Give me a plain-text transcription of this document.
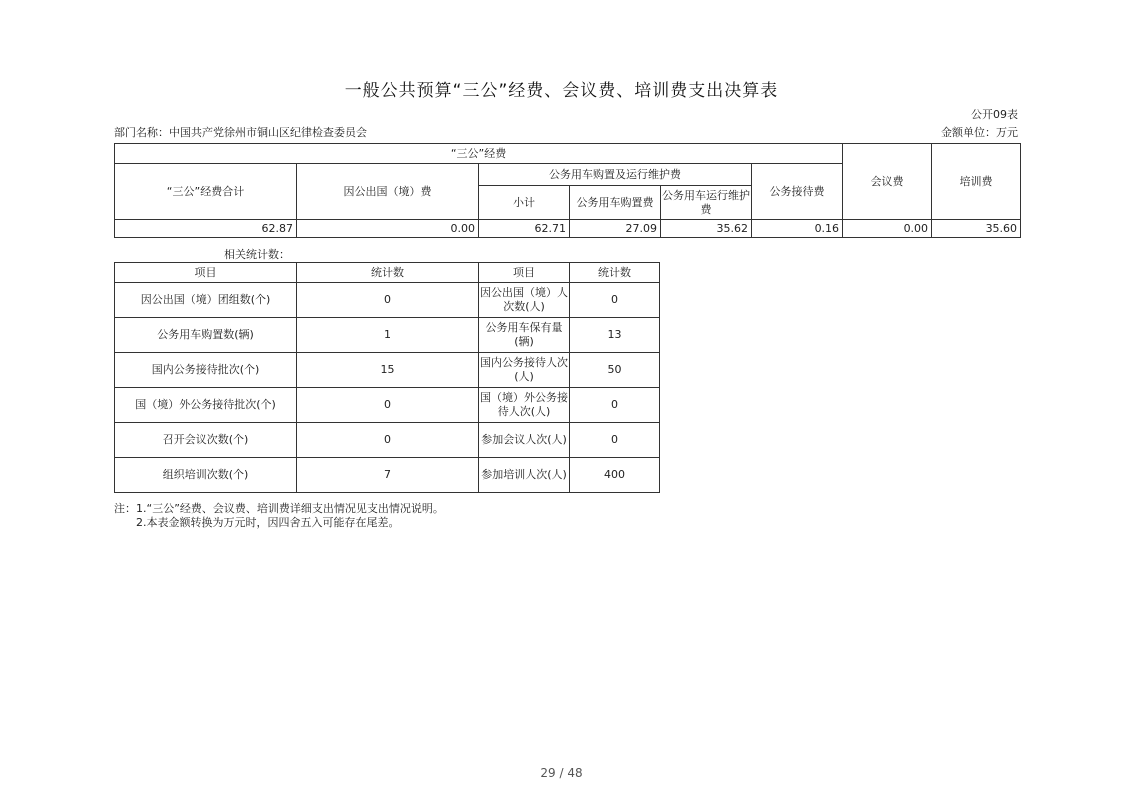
一般公共预算“三公”经费、会议费、培训费支出决算表
公开09表
部门名称：中国共产党徐州市铜山区纪律检查委员会	金额单位：万元
“三公”经费						会议费	培训费
“三公”经费合计	因公出国（境）费	公务用车购置及运行维护费			公务接待费		
		小计	公务用车购置费	公务用车运行维护费			
62.87	0.00	62.71	27.09	35.62	0.16	0.00	35.60
相关统计数：
项目	统计数	项目	统计数
因公出国（境）团组数(个)	0	因公出国（境）人次数(人)	0
公务用车购置数(辆)	1	公务用车保有量(辆)	13
国内公务接待批次(个)	15	国内公务接待人次(人)	50
国（境）外公务接待批次(个)	0	国（境）外公务接待人次(人)	0
召开会议次数(个)	0	参加会议人次(人)	0
组织培训次数(个)	7	参加培训人次(人)	400
注：1.“三公”经费、会议费、培训费详细支出情况见支出情况说明。
2.本表金额转换为万元时，因四舍五入可能存在尾差。
29 / 48
